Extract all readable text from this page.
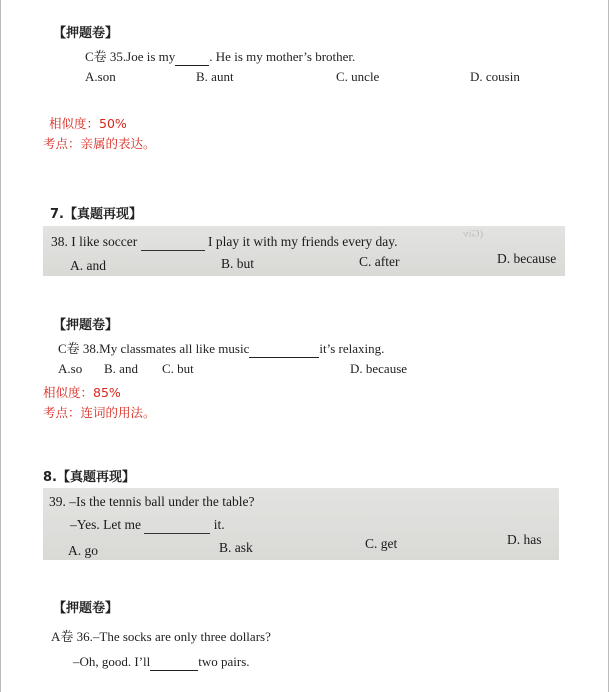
【押题卷】
C卷 35.Joe is my	. He is my mother’s brother.
A.son	B. aunt	C. uncle	D. cousin
相似度：50%
考点：亲属的表达。
7.【真题再现】
(Giv
38. I like soccer	I play it with my friends every day.
A. and	B. but	C. after	D. because
【押题卷】
C卷 38.My classmates all like music	it’s relaxing.
A.so B. and C. but	D. because
相似度：85%
考点：连词的用法。
8.【真题再现】
39. –Is the tennis ball under the table?
–Yes. Let me	it.
A. go	B. ask	C. get	D. has
【押题卷】
A卷 36.–The socks are only three dollars?
–Oh, good. I’ll	two pairs.
